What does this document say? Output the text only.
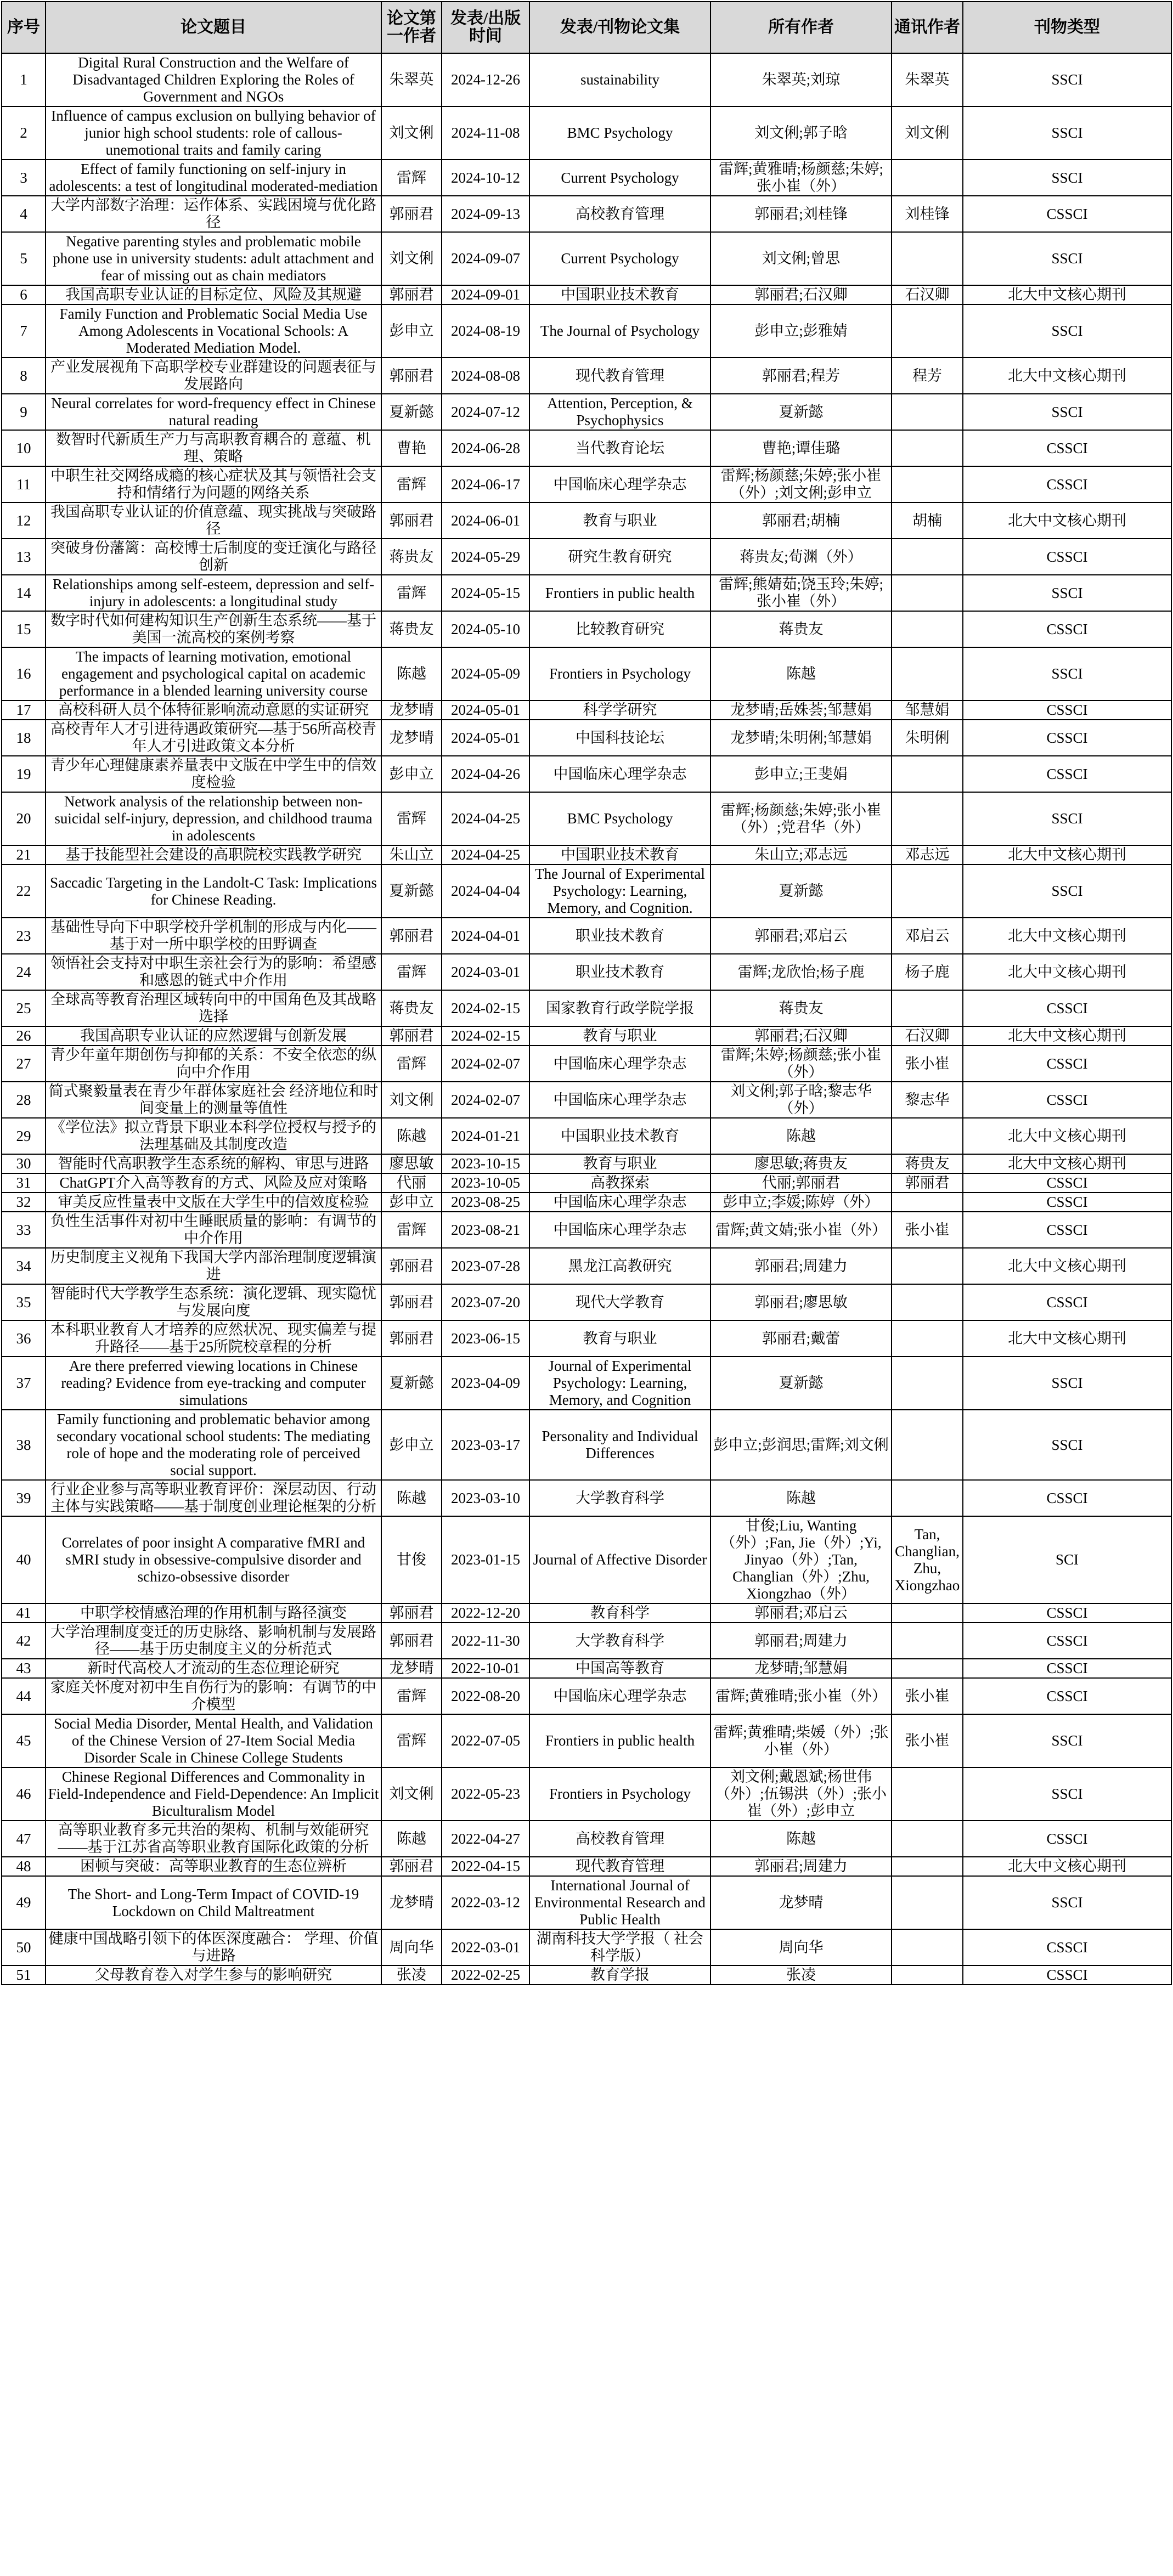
序号	论文题目	论文第一作者	发表/出版时间	发表/刊物论文集	所有作者	通讯作者	刊物类型
1	Digital Rural Construction and the Welfare of Disadvantaged Children Exploring the Roles of Government and NGOs	朱翠英	2024-12-26	sustainability	朱翠英;刘琼	朱翠英	SSCI
2	Influence of campus exclusion on bullying behavior of junior high school students: role of callous-unemotional traits and family caring	刘文俐	2024-11-08	BMC Psychology	刘文俐;郭子晗	刘文俐	SSCI
3	Effect of family functioning on self-injury in adolescents: a test of longitudinal moderated-mediation	雷辉	2024-10-12	Current Psychology	雷辉;黄雅晴;杨颜慈;朱婷;张小崔（外）		SSCI
4	大学内部数字治理：运作体系、实践困境与优化路径	郭丽君	2024-09-13	高校教育管理	郭丽君;刘桂锋	刘桂锋	CSSCI
5	Negative parenting styles and problematic mobile phone use in university students: adult attachment and fear of missing out as chain mediators	刘文俐	2024-09-07	Current Psychology	刘文俐;曾思		SSCI
6	我国高职专业认证的目标定位、风险及其规避	郭丽君	2024-09-01	中国职业技术教育	郭丽君;石汉卿	石汉卿	北大中文核心期刊
7	Family Function and Problematic Social Media Use Among Adolescents in Vocational Schools: A Moderated Mediation Model.	彭申立	2024-08-19	The Journal of Psychology	彭申立;彭雅婧		SSCI
8	产业发展视角下高职学校专业群建设的问题表征与发展路向	郭丽君	2024-08-08	现代教育管理	郭丽君;程芳	程芳	北大中文核心期刊
9	Neural correlates for word-frequency effect in Chinese natural reading	夏新懿	2024-07-12	Attention, Perception, & Psychophysics	夏新懿		SSCI
10	数智时代新质生产力与高职教育耦合的 意蕴、机理、策略	曹艳	2024-06-28	当代教育论坛	曹艳;谭佳璐		CSSCI
11	中职生社交网络成瘾的核心症状及其与领悟社会支持和情绪行为问题的网络关系	雷辉	2024-06-17	中国临床心理学杂志	雷辉;杨颜慈;朱婷;张小崔（外）;刘文俐;彭申立		CSSCI
12	我国高职专业认证的价值意蕴、现实挑战与突破路径	郭丽君	2024-06-01	教育与职业	郭丽君;胡楠	胡楠	北大中文核心期刊
13	突破身份藩篱：高校博士后制度的变迁演化与路径创新	蒋贵友	2024-05-29	研究生教育研究	蒋贵友;荀渊（外）		CSSCI
14	Relationships among self-esteem, depression and self-injury in adolescents: a longitudinal study	雷辉	2024-05-15	Frontiers in public health	雷辉;熊婧茹;饶玉玲;朱婷;张小崔（外）		SSCI
15	数字时代如何建构知识生产创新生态系统——基于美国一流高校的案例考察	蒋贵友	2024-05-10	比较教育研究	蒋贵友		CSSCI
16	The impacts of learning motivation, emotional engagement and psychological capital on academic performance in a blended learning university course	陈越	2024-05-09	Frontiers in Psychology	陈越		SSCI
17	高校科研人员个体特征影响流动意愿的实证研究	龙梦晴	2024-05-01	科学学研究	龙梦晴;岳姝荟;邹慧娟	邹慧娟	CSSCI
18	高校青年人才引进待遇政策研究—基于56所高校青年人才引进政策文本分析	龙梦晴	2024-05-01	中国科技论坛	龙梦晴;朱明俐;邹慧娟	朱明俐	CSSCI
19	青少年心理健康素养量表中文版在中学生中的信效度检验	彭申立	2024-04-26	中国临床心理学杂志	彭申立;王斐娟		CSSCI
20	Network analysis of the relationship between non-suicidal self-injury, depression, and childhood trauma in adolescents	雷辉	2024-04-25	BMC Psychology	雷辉;杨颜慈;朱婷;张小崔（外）;党君华（外）		SSCI
21	基于技能型社会建设的高职院校实践教学研究	朱山立	2024-04-25	中国职业技术教育	朱山立;邓志远	邓志远	北大中文核心期刊
22	Saccadic Targeting in the Landolt-C Task: Implications for Chinese Reading.	夏新懿	2024-04-04	The Journal of Experimental Psychology: Learning, Memory, and Cognition.	夏新懿		SSCI
23	基础性导向下中职学校升学机制的形成与内化——基于对一所中职学校的田野调查	郭丽君	2024-04-01	职业技术教育	郭丽君;邓启云	邓启云	北大中文核心期刊
24	领悟社会支持对中职生亲社会行为的影响：希望感和感恩的链式中介作用	雷辉	2024-03-01	职业技术教育	雷辉;龙欣怡;杨子鹿	杨子鹿	北大中文核心期刊
25	全球高等教育治理区域转向中的中国角色及其战略选择	蒋贵友	2024-02-15	国家教育行政学院学报	蒋贵友		CSSCI
26	我国高职专业认证的应然逻辑与创新发展	郭丽君	2024-02-15	教育与职业	郭丽君;石汉卿	石汉卿	北大中文核心期刊
27	青少年童年期创伤与抑郁的关系：不安全依恋的纵向中介作用	雷辉	2024-02-07	中国临床心理学杂志	雷辉;朱婷;杨颜慈;张小崔（外）	张小崔	CSSCI
28	简式聚毅量表在青少年群体家庭社会 经济地位和时间变量上的测量等值性	刘文俐	2024-02-07	中国临床心理学杂志	刘文俐;郭子晗;黎志华（外）	黎志华	CSSCI
29	《学位法》拟立背景下职业本科学位授权与授予的法理基础及其制度改造	陈越	2024-01-21	中国职业技术教育	陈越		北大中文核心期刊
30	智能时代高职教学生态系统的解构、审思与进路	廖思敏	2023-10-15	教育与职业	廖思敏;蒋贵友	蒋贵友	北大中文核心期刊
31	ChatGPT介入高等教育的方式、风险及应对策略	代丽	2023-10-05	高教探索	代丽;郭丽君	郭丽君	CSSCI
32	审美反应性量表中文版在大学生中的信效度检验	彭申立	2023-08-25	中国临床心理学杂志	彭申立;李媛;陈婷（外）		CSSCI
33	负性生活事件对初中生睡眠质量的影响：有调节的中介作用	雷辉	2023-08-21	中国临床心理学杂志	雷辉;黄文婧;张小崔（外）	张小崔	CSSCI
34	历史制度主义视角下我国大学内部治理制度逻辑演进	郭丽君	2023-07-28	黑龙江高教研究	郭丽君;周建力		北大中文核心期刊
35	智能时代大学教学生态系统：演化逻辑、现实隐忧与发展向度	郭丽君	2023-07-20	现代大学教育	郭丽君;廖思敏		CSSCI
36	本科职业教育人才培养的应然状况、现实偏差与提升路径——基于25所院校章程的分析	郭丽君	2023-06-15	教育与职业	郭丽君;戴蕾		北大中文核心期刊
37	Are there preferred viewing locations in Chinese reading? Evidence from eye-tracking and computer simulations	夏新懿	2023-04-09	Journal of Experimental Psychology: Learning, Memory, and Cognition	夏新懿		SSCI
38	Family functioning and problematic behavior among secondary vocational school students: The mediating role of hope and the moderating role of perceived social support.	彭申立	2023-03-17	Personality and Individual Differences	彭申立;彭润思;雷辉;刘文俐		SSCI
39	行业企业参与高等职业教育评价：深层动因、行动主体与实践策略——基于制度创业理论框架的分析	陈越	2023-03-10	大学教育科学	陈越		CSSCI
40	Correlates of poor insight A comparative fMRI and sMRI study in obsessive-compulsive disorder and schizo-obsessive disorder	甘俊	2023-01-15	Journal of Affective Disorder	甘俊;Liu, Wanting（外）;Fan, Jie（外）;Yi, Jinyao（外）;Tan, Changlian（外）;Zhu, Xiongzhao（外）	Tan, Changlian,Zhu, Xiongzhao	SCI
41	中职学校情感治理的作用机制与路径演变	郭丽君	2022-12-20	教育科学	郭丽君;邓启云		CSSCI
42	大学治理制度变迁的历史脉络、影响机制与发展路径——基于历史制度主义的分析范式	郭丽君	2022-11-30	大学教育科学	郭丽君;周建力		CSSCI
43	新时代高校人才流动的生态位理论研究	龙梦晴	2022-10-01	中国高等教育	龙梦晴;邹慧娟		CSSCI
44	家庭关怀度对初中生自伤行为的影响：有调节的中介模型	雷辉	2022-08-20	中国临床心理学杂志	雷辉;黄雅晴;张小崔（外）	张小崔	CSSCI
45	Social Media Disorder, Mental Health, and Validation of the Chinese Version of 27-Item Social Media Disorder Scale in Chinese College Students	雷辉	2022-07-05	Frontiers in public health	雷辉;黄雅晴;柴媛（外）;张小崔（外）	张小崔	SSCI
46	Chinese Regional Differences and Commonality in Field-Independence and Field-Dependence: An Implicit Biculturalism Model	刘文俐	2022-05-23	Frontiers in Psychology	刘文俐;戴恩斌;杨世伟（外）;伍锡洪（外）;张小崔（外）;彭申立		SSCI
47	高等职业教育多元共治的架构、机制与效能研究——基于江苏省高等职业教育国际化政策的分析	陈越	2022-04-27	高校教育管理	陈越		CSSCI
48	困顿与突破：高等职业教育的生态位辨析	郭丽君	2022-04-15	现代教育管理	郭丽君;周建力		北大中文核心期刊
49	The Short- and Long-Term Impact of COVID-19 Lockdown on Child Maltreatment	龙梦晴	2022-03-12	International Journal of Environmental Research and Public Health	龙梦晴		SSCI
50	健康中国战略引领下的体医深度融合： 学理、价值与进路	周向华	2022-03-01	湖南科技大学学报（ 社会科学版）	周向华		CSSCI
51	父母教育卷入对学生参与的影响研究	张凌	2022-02-25	教育学报	张凌		CSSCI
